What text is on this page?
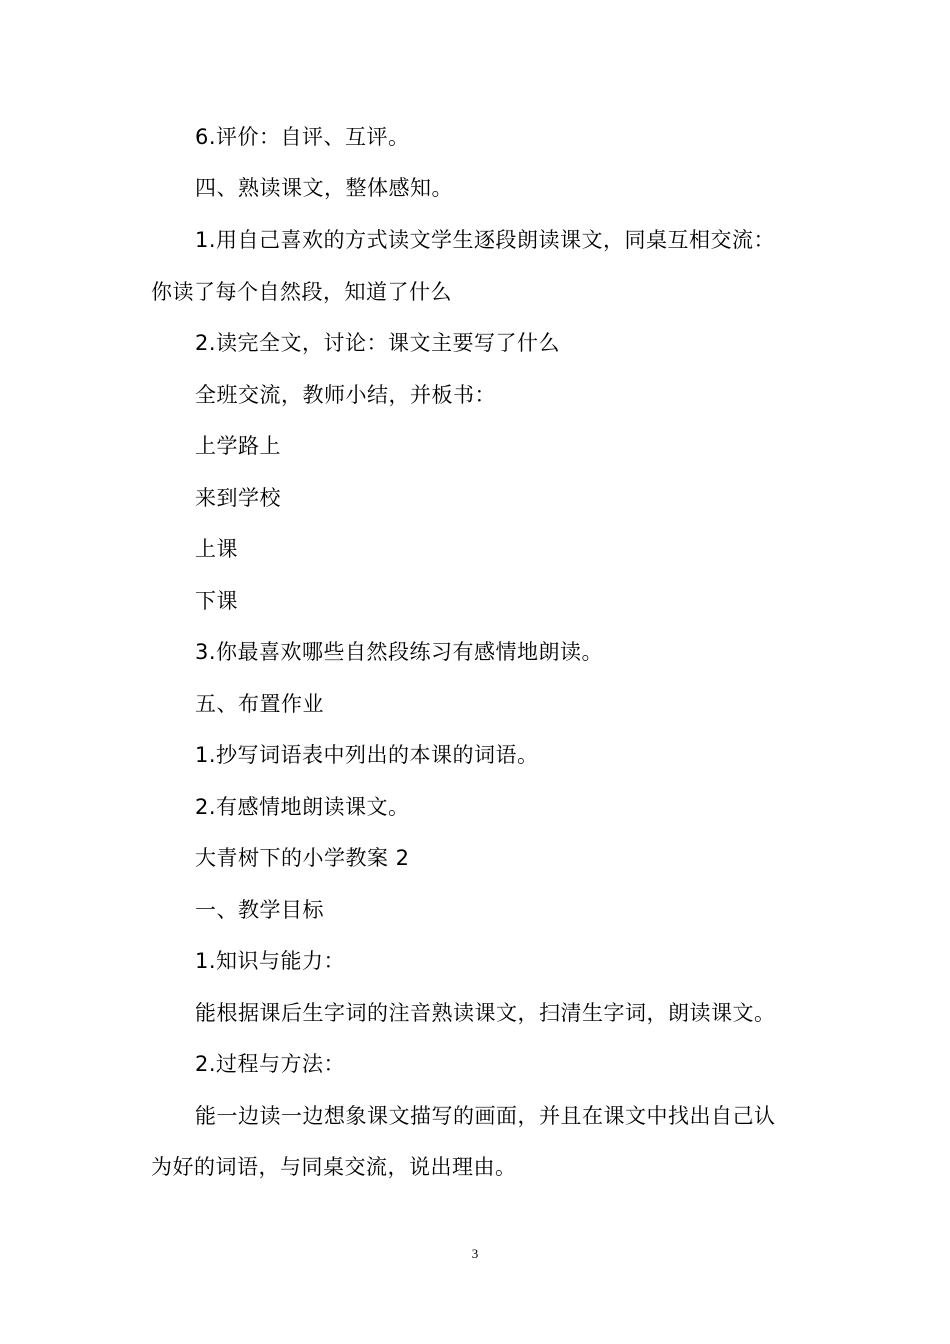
6.评价：自评、互评。
四、熟读课文，整体感知。
1.用自己喜欢的方式读文学生逐段朗读课文，同桌互相交流：
你读了每个自然段，知道了什么
2.读完全文，讨论：课文主要写了什么
全班交流，教师小结，并板书：
上学路上
来到学校
上课
下课
3.你最喜欢哪些自然段练习有感情地朗读。
五、布置作业
1.抄写词语表中列出的本课的词语。
2.有感情地朗读课文。
大青树下的小学教案 2
一、教学目标
1.知识与能力：
能根据课后生字词的注音熟读课文，扫清生字词，朗读课文。
2.过程与方法：
能一边读一边想象课文描写的画面，并且在课文中找出自己认
为好的词语，与同桌交流，说出理由。
3
